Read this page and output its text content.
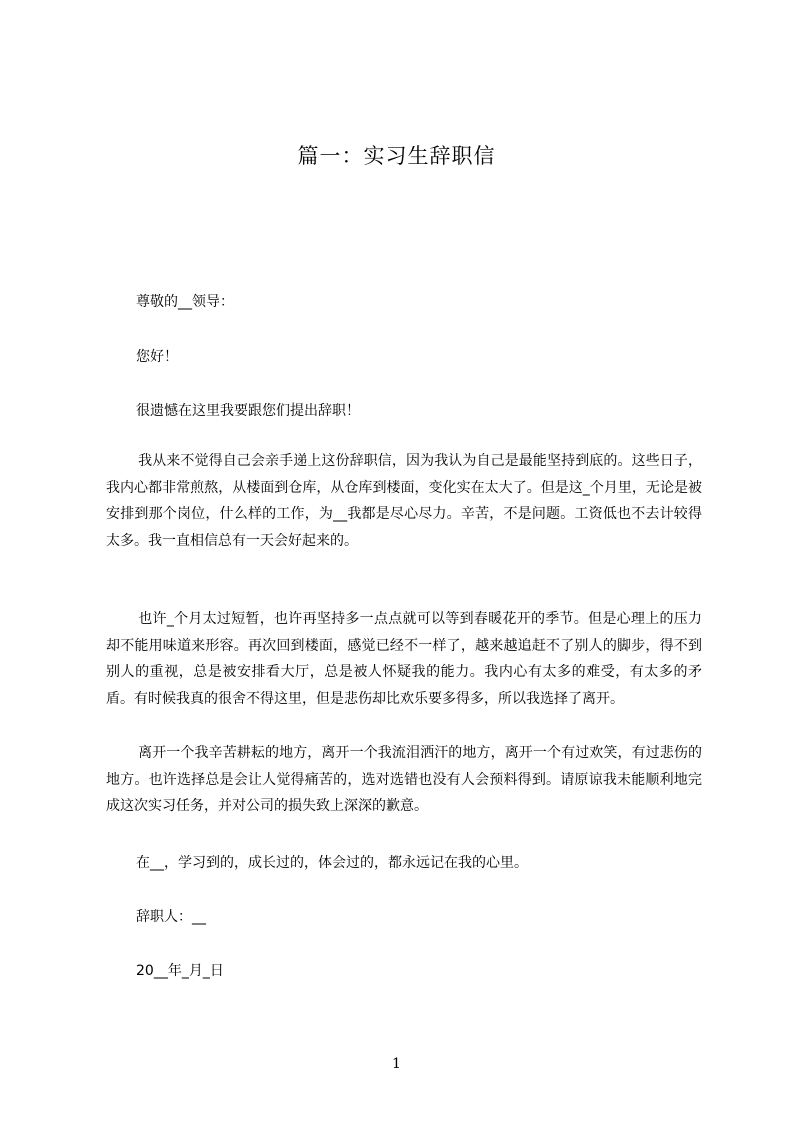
篇一：实习生辞职信
尊敬的__领导：
您好！
很遗憾在这里我要跟您们提出辞职！
我从来不觉得自己会亲手递上这份辞职信，因为我认为自己是最能坚持到底的。这些日子，我内心都非常煎熬，从楼面到仓库，从仓库到楼面，变化实在太大了。但是这_个月里，无论是被安排到那个岗位，什么样的工作，为__我都是尽心尽力。辛苦，不是问题。工资低也不去计较得太多。我一直相信总有一天会好起来的。
也许_个月太过短暂，也许再坚持多一点点就可以等到春暖花开的季节。但是心理上的压力却不能用味道来形容。再次回到楼面，感觉已经不一样了，越来越追赶不了别人的脚步，得不到别人的重视，总是被安排看大厅，总是被人怀疑我的能力。我内心有太多的难受，有太多的矛盾。有时候我真的很舍不得这里，但是悲伤却比欢乐要多得多，所以我选择了离开。
离开一个我辛苦耕耘的地方，离开一个我流泪洒汗的地方，离开一个有过欢笑，有过悲伤的地方。也许选择总是会让人觉得痛苦的，选对选错也没有人会预料得到。请原谅我未能顺利地完成这次实习任务，并对公司的损失致上深深的歉意。
在__，学习到的，成长过的，体会过的，都永远记在我的心里。
辞职人：__
20__年_月_日
1
